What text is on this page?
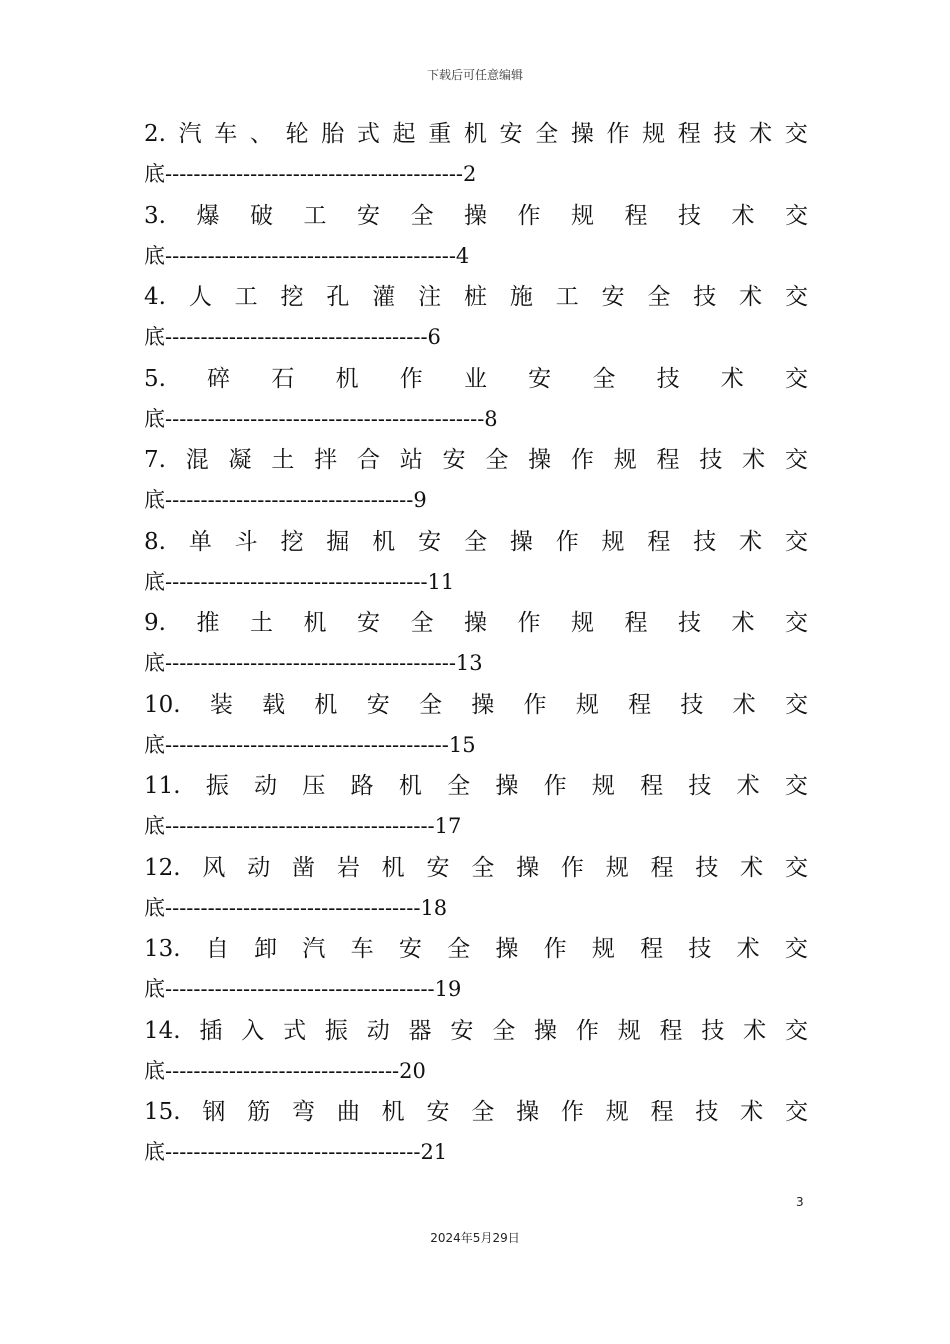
下载后可任意编辑
2. 汽 车 、 轮 胎 式 起 重 机 安 全 操 作 规 程 技 术 交
底------------------------------------------2
3. 爆 破 工 安 全 操 作 规 程 技 术 交
底-----------------------------------------4
4. 人 工 挖 孔 灌 注 桩 施 工 安 全 技 术 交
底-------------------------------------6
5. 碎 石 机 作 业 安 全 技 术 交
底---------------------------------------------8
7. 混 凝 土 拌 合 站 安 全 操 作 规 程 技 术 交
底-----------------------------------9
8. 单 斗 挖 掘 机 安 全 操 作 规 程 技 术 交
底-------------------------------------11
9. 推 土 机 安 全 操 作 规 程 技 术 交
底-----------------------------------------13
10. 装 载 机 安 全 操 作 规 程 技 术 交
底----------------------------------------15
11. 振 动 压 路 机 全 操 作 规 程 技 术 交
底--------------------------------------17
12. 风 动 凿 岩 机 安 全 操 作 规 程 技 术 交
底------------------------------------18
13. 自 卸 汽 车 安 全 操 作 规 程 技 术 交
底--------------------------------------19
14. 插 入 式 振 动 器 安 全 操 作 规 程 技 术 交
底---------------------------------20
15. 钢 筋 弯 曲 机 安 全 操 作 规 程 技 术 交
底------------------------------------21
3
2024年5月29日
